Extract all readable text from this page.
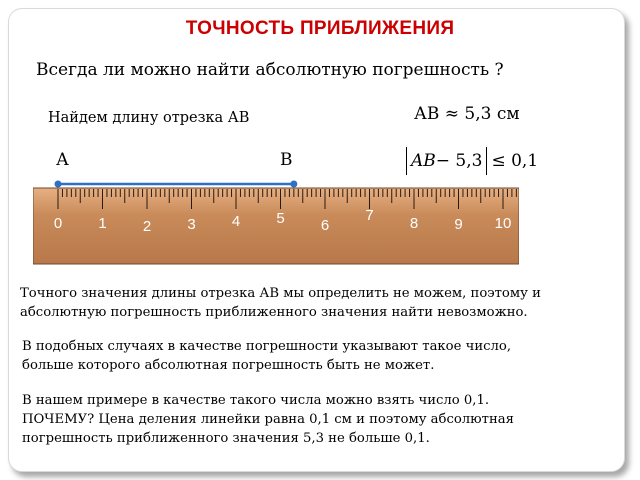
ТОЧНОСТЬ ПРИБЛИЖЕНИЯ
Всегда ли можно найти абсолютную погрешность ?
Найдем длину отрезка АВ	АВ ≈ 5,3 см
А	В	AB − 5,3 ≤ 0,1
0 1 2 3 4 5 6
7 8 9 10
Точного значения длины отрезка АВ мы определить не можем, поэтому и
абсолютную погрешность приближенного значения найти невозможно.
В подобных случаях в качестве погрешности указывают такое число,
больше которого абсолютная погрешность быть не может.
В нашем примере в качестве такого числа можно взять число 0,1.
ПОЧЕМУ? Цена деления линейки равна 0,1 см и поэтому абсолютная
погрешность приближенного значения 5,3 не больше 0,1.
